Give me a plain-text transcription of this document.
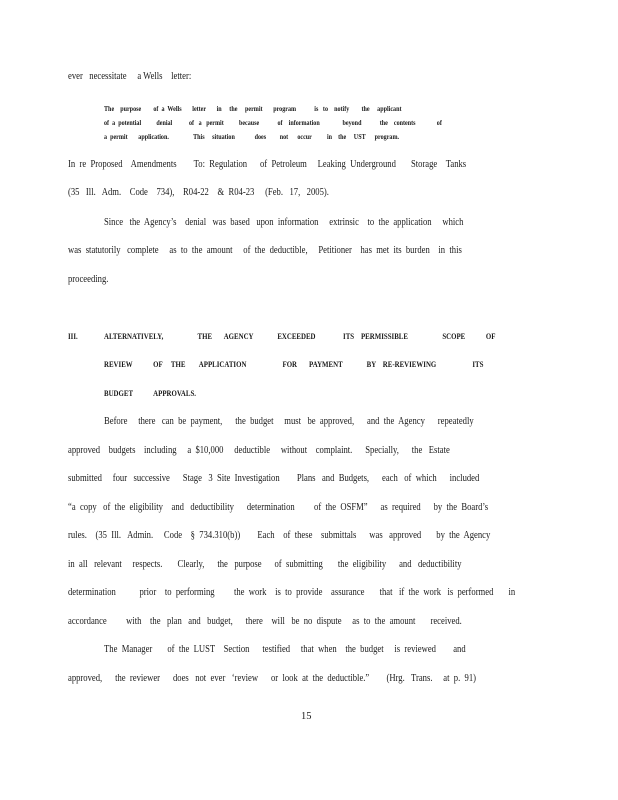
ever   necessitate     a Wells    letter:
The    purpose        of  a  Wells       letter       in     the     permit       program            is   to    notify        the     applicant
of  a  potential          denial           of   a   permit          because            of    information               beyond            the    contents              of
a  permit       application.                This     situation             does         not      occur          in    the     UST      program.
In  re  Proposed    Amendments        To:  Regulation      of  Petroleum     Leaking  Underground       Storage    Tanks
(35   Ill.   Adm.    Code    734),    R04-22    &  R04-23     (Feb.   17,   2005).
Since   the  Agency’s    denial   was  based   upon  information     extrinsic    to  the  application     which
was  statutorily   complete     as  to  the  amount     of  the  deductible,     Petitioner    has  met  its  burden    in  this
proceeding.
III.	ALTERNATIVELY,                    THE       AGENCY              EXCEEDED                ITS    PERMISSIBLE                    SCOPE            OF
REVIEW            OF     THE        APPLICATION                     FOR       PAYMENT              BY    RE-REVIEWING                     ITS
BUDGET            APPROVALS.
Before     there   can  be  payment,      the  budget     must   be  approved,      and  the  Agency      repeatedly
approved    budgets    including     a  $10,000     deductible     without    complaint.      Specially,      the   Estate
submitted     four   successive      Stage   3  Site  Investigation        Plans   and  Budgets,      each   of  which      included
“a  copy   of  the  eligibility    and   deductibility      determination         of  the  OSFM”      as  required      by  the  Board’s
rules.    (35  Ill.   Admin.     Code    §  734.310(b))        Each    of  these    submittals      was   approved       by  the  Agency
in  all   relevant     respects.       Clearly,      the   purpose      of  submitting       the  eligibility      and   deductibility
determination           prior    to  performing         the  work    is  to  provide    assurance       that   if  the  work   is  performed       in
accordance         with    the   plan   and   budget,      there    will   be  no  dispute     as  to  the  amount       received.
The  Manager       of  the  LUST    Section      testified     that  when    the  budget     is  reviewed        and
approved,      the  reviewer      does   not  ever   ‘review      or  look  at  the  deductible.”        (Hrg.   Trans.     at  p.  91)
15
